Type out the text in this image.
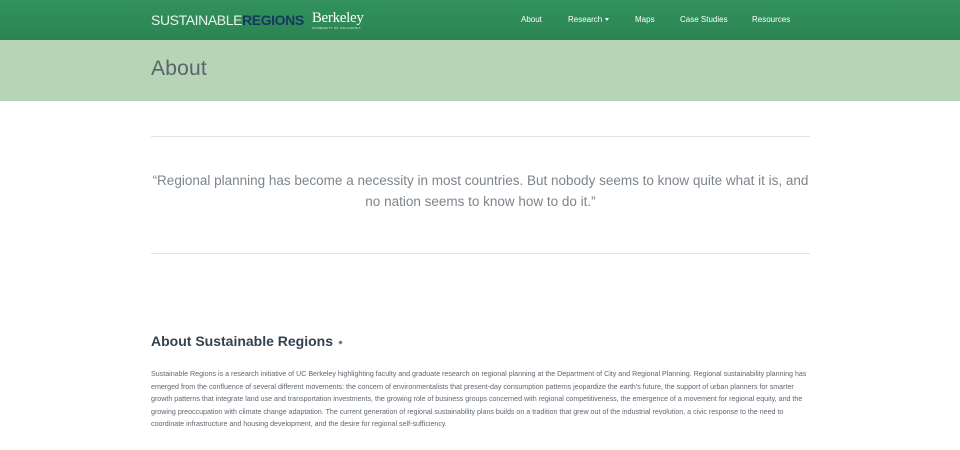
SUSTAINABLE REGIONS Berkeley
UNIVERSITY OF CALIFORNIA
About	Research	Maps	Case Studies	Resources
About

“Regional planning has become a necessity in most countries. But nobody seems to know quite what it is, and no nation seems to know how to do it.”

About Sustainable Regions

Sustainable Regions is a research initiative of UC Berkeley highlighting faculty and graduate research on regional planning at the Department of City and Regional Planning. Regional sustainability planning has emerged from the confluence of several different movements: the concern of environmentalists that present-day consumption patterns jeopardize the earth's future, the support of urban planners for smarter growth patterns that integrate land use and transportation investments, the growing role of business groups concerned with regional competitiveness, the emergence of a movement for regional equity, and the growing preoccupation with climate change adaptation. The current generation of regional sustainability plans builds on a tradition that grew out of the industrial revolution, a civic response to the need to coordinate infrastructure and housing development, and the desire for regional self-sufficiency.
